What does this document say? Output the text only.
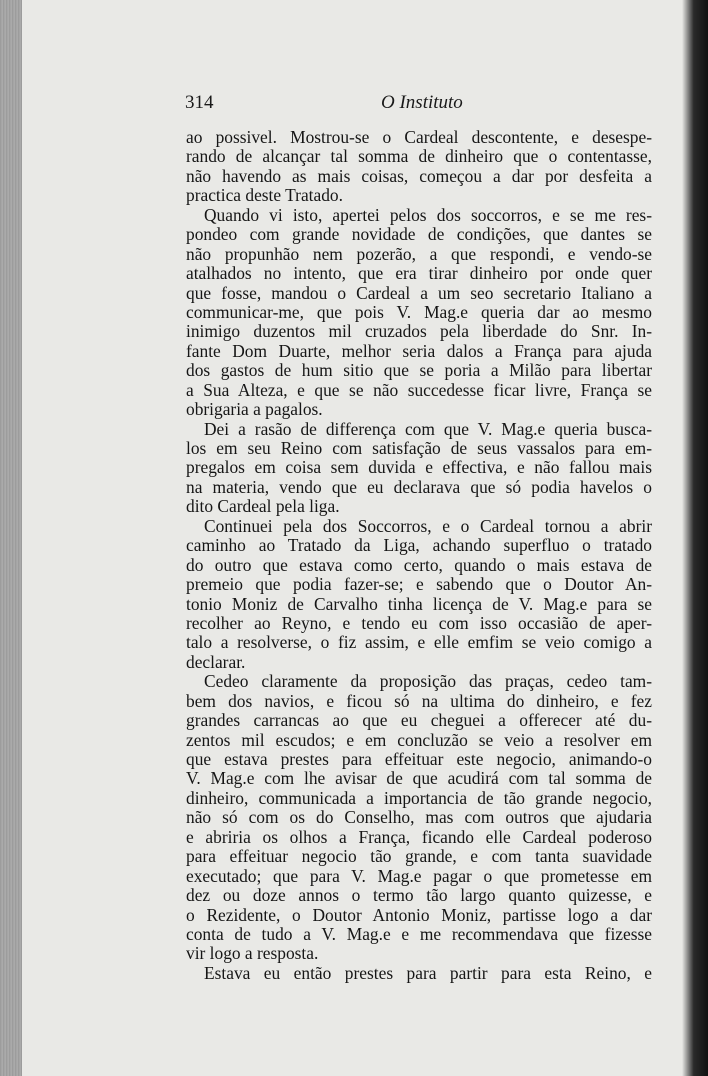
314	O Instituto
ao possivel. Mostrou-se o Cardeal descontente, e desespe-
rando de alcançar tal somma de dinheiro que o contentasse,
não havendo as mais coisas, começou a dar por desfeita a
practica deste Tratado.
Quando vi isto, apertei pelos dos soccorros, e se me res-
pondeo com grande novidade de condições, que dantes se
não propunhão nem pozerão, a que respondi, e vendo-se
atalhados no intento, que era tirar dinheiro por onde quer
que fosse, mandou o Cardeal a um seo secretario Italiano a
communicar-me, que pois V. Mag.e queria dar ao mesmo
inimigo duzentos mil cruzados pela liberdade do Snr. In-
fante Dom Duarte, melhor seria dalos a França para ajuda
dos gastos de hum sitio que se poria a Milão para libertar
a Sua Alteza, e que se não succedesse ficar livre, França se
obrigaria a pagalos.
Dei a rasão de differença com que V. Mag.e queria busca-
los em seu Reino com satisfação de seus vassalos para em-
pregalos em coisa sem duvida e effectiva, e não fallou mais
na materia, vendo que eu declarava que só podia havelos o
dito Cardeal pela liga.
Continuei pela dos Soccorros, e o Cardeal tornou a abrir
caminho ao Tratado da Liga, achando superfluo o tratado
do outro que estava como certo, quando o mais estava de
premeio que podia fazer-se; e sabendo que o Doutor An-
tonio Moniz de Carvalho tinha licença de V. Mag.e para se
recolher ao Reyno, e tendo eu com isso occasião de aper-
talo a resolverse, o fiz assim, e elle emfim se veio comigo a
declarar.
Cedeo claramente da proposição das praças, cedeo tam-
bem dos navios, e ficou só na ultima do dinheiro, e fez
grandes carrancas ao que eu cheguei a offerecer até du-
zentos mil escudos; e em concluzão se veio a resolver em
que estava prestes para effeituar este negocio, animando-o
V. Mag.e com lhe avisar de que acudirá com tal somma de
dinheiro, communicada a importancia de tão grande negocio,
não só com os do Conselho, mas com outros que ajudaria
e abriria os olhos a França, ficando elle Cardeal poderoso
para effeituar negocio tão grande, e com tanta suavidade
executado; que para V. Mag.e pagar o que prometesse em
dez ou doze annos o termo tão largo quanto quizesse, e
o Rezidente, o Doutor Antonio Moniz, partisse logo a dar
conta de tudo a V. Mag.e e me recommendava que fizesse
vir logo a resposta.
Estava eu então prestes para partir para esta Reino, e
